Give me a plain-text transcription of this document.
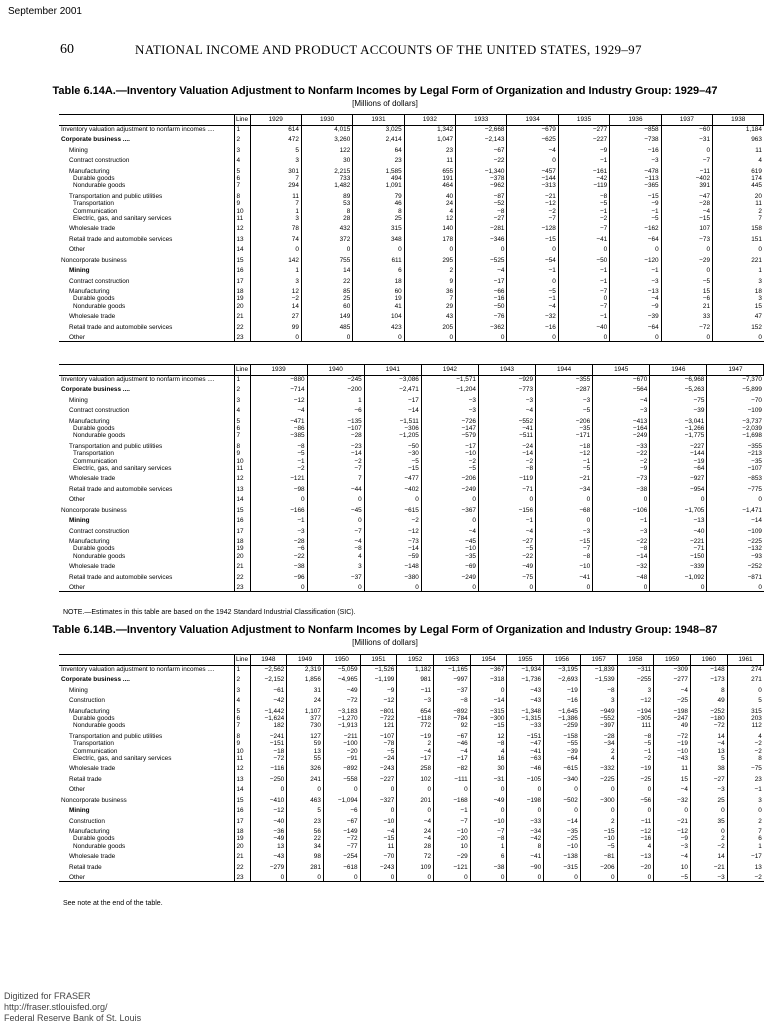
September 2001
60	NATIONAL INCOME AND PRODUCT ACCOUNTS OF THE UNITED STATES, 1929–97
Table 6.14A.—Inventory Valuation Adjustment to Nonfarm Incomes by Legal Form of Organization and Industry Group: 1929–47
[Millions of dollars]
	Line	1929	1930	1931	1932	1933	1934	1935	1936	1937	1938
Inventory valuation adjustment to nonfarm incomes ....	1	614	4,015	3,025	1,342	−2,668	−679	−277	−858	−60	1,184
Corporate business ....	2	472	3,260	2,414	1,047	−2,143	−625	−227	−738	−31	963
Mining	3	5	122	64	23	−67	−4	−9	−16	0	11
Contract construction	4	3	30	23	11	−22	0	−1	−3	−7	4
Manufacturing	5	301	2,215	1,585	655	−1,340	−457	−161	−478	−11	619
Durable goods	6	7	733	494	191	−378	−144	−42	−113	−402	174
Nondurable goods	7	294	1,482	1,091	464	−962	−313	−119	−365	391	445
Transportation and public utilities	8	11	89	79	40	−87	−21	−8	−15	−47	20
Transportation	9	7	53	46	24	−52	−12	−5	−9	−28	11
Communication	10	1	8	8	4	−8	−2	−1	−1	−4	2
Electric, gas, and sanitary services	11	3	28	25	12	−27	−7	−2	−5	−15	7
Wholesale trade	12	78	432	315	140	−281	−128	−7	−162	107	158
Retail trade and automobile services	13	74	372	348	178	−346	−15	−41	−64	−73	151
Other	14	0	0	0	0	0	0	0	0	0	0
Noncorporate business	15	142	755	611	295	−525	−54	−50	−120	−29	221
Mining	16	1	14	6	2	−4	−1	−1	−1	0	1
Contract construction	17	3	22	18	9	−17	0	−1	−3	−5	3
Manufacturing	18	12	85	60	36	−66	−5	−7	−13	15	18
Durable goods	19	−2	25	19	7	−16	−1	0	−4	−6	3
Nondurable goods	20	14	60	41	29	−50	−4	−7	−9	21	15
Wholesale trade	21	27	149	104	43	−76	−32	−1	−39	33	47
Retail trade and automobile services	22	99	485	423	205	−362	−16	−40	−64	−72	152
Other	23	0	0	0	0	0	0	0	0	0	0
	Line	1939	1940	1941	1942	1943	1944	1945	1946	1947
Inventory valuation adjustment to nonfarm incomes ....	1	−880	−245	−3,086	−1,571	−929	−355	−670	−6,968	−7,370
Corporate business ....	2	−714	−200	−2,471	−1,204	−773	−287	−564	−5,263	−5,899
Mining	3	−12	1	−17	−3	−3	−3	−4	−75	−70
Contract construction	4	−4	−6	−14	−3	−4	−5	−3	−39	−109
Manufacturing	5	−471	−135	−1,511	−726	−552	−206	−413	−3,041	−3,737
Durable goods	6	−86	−107	−306	−147	−41	−35	−164	−1,266	−2,039
Nondurable goods	7	−385	−28	−1,205	−579	−511	−171	−249	−1,775	−1,698
Transportation and public utilities	8	−8	−23	−50	−17	−24	−18	−33	−227	−355
Transportation	9	−5	−14	−30	−10	−14	−12	−22	−144	−213
Communication	10	−1	−2	−5	−2	−2	−1	−2	−19	−35
Electric, gas, and sanitary services	11	−2	−7	−15	−5	−8	−5	−9	−64	−107
Wholesale trade	12	−121	7	−477	−206	−119	−21	−73	−927	−853
Retail trade and automobile services	13	−98	−44	−402	−249	−71	−34	−38	−954	−775
Other	14	0	0	0	0	0	0	0	0	0
Noncorporate business	15	−166	−45	−615	−367	−156	−68	−106	−1,705	−1,471
Mining	16	−1	0	−2	0	−1	0	−1	−13	−14
Contract construction	17	−3	−7	−12	−4	−4	−3	−3	−40	−109
Manufacturing	18	−28	−4	−73	−45	−27	−15	−22	−221	−225
Durable goods	19	−6	−8	−14	−10	−5	−7	−8	−71	−132
Nondurable goods	20	−22	4	−59	−35	−22	−8	−14	−150	−93
Wholesale trade	21	−38	3	−148	−69	−49	−10	−32	−339	−252
Retail trade and automobile services	22	−96	−37	−380	−249	−75	−41	−48	−1,092	−871
Other	23	0	0	0	0	0	0	0	0	0
NOTE.—Estimates in this table are based on the 1942 Standard Industrial Classification (SIC).
Table 6.14B.—Inventory Valuation Adjustment to Nonfarm Incomes by Legal Form of Organization and Industry Group: 1948–87
[Millions of dollars]
	Line	1948	1949	1950	1951	1952	1953	1954	1955	1956	1957	1958	1959	1960	1961
Inventory valuation adjustment to nonfarm incomes ....	1	−2,562	2,319	−5,059	−1,526	1,182	−1,165	−367	−1,934	−3,195	−1,839	−311	−309	−148	274
Corporate business ....	2	−2,152	1,856	−4,965	−1,199	981	−997	−318	−1,736	−2,693	−1,539	−255	−277	−173	271
Mining	3	−61	31	−49	−9	−11	−37	0	−43	−19	−8	3	−4	8	0
Construction	4	−42	24	−72	−12	−3	−8	−14	−43	−16	3	−12	−25	49	5
Manufacturing	5	−1,442	1,107	−3,183	−801	654	−892	−315	−1,348	−1,645	−949	−194	−198	−252	315
Durable goods	6	−1,624	377	−1,270	−722	−118	−784	−300	−1,315	−1,386	−552	−305	−247	−180	203
Nondurable goods	7	182	730	−1,913	121	772	92	−15	−33	−259	−397	111	49	−72	112
Transportation and public utilities	8	−241	127	−211	−107	−19	−67	12	−151	−158	−28	−8	−72	14	4
Transportation	9	−151	59	−100	−78	2	−46	−8	−47	−55	−34	−5	−19	−4	−2
Communication	10	−18	13	−20	−5	−4	−4	4	−41	−39	2	−1	−10	13	−2
Electric, gas, and sanitary services	11	−72	55	−91	−24	−17	−17	16	−63	−64	4	−2	−43	5	8
Wholesale trade	12	−116	326	−892	−243	258	−82	30	−46	−615	−332	−19	11	38	−75
Retail trade	13	−250	241	−558	−227	102	−111	−31	−105	−340	−225	−25	15	−27	23
Other	14	0	0	0	0	0	0	0	0	0	0	0	−4	−3	−1
Noncorporate business	15	−410	463	−1,094	−327	201	−168	−49	−198	−502	−300	−56	−32	25	3
Mining	16	−12	5	−6	0	0	−1	0	0	0	0	0	0	0	0
Construction	17	−40	23	−67	−10	−4	−7	−10	−33	−14	2	−11	−21	35	2
Manufacturing	18	−36	56	−149	−4	24	−10	−7	−34	−35	−15	−12	−12	0	7
Durable goods	19	−49	22	−72	−15	−4	−20	−8	−42	−25	−10	−16	−9	2	6
Nondurable goods	20	13	34	−77	11	28	10	1	8	−10	−5	4	−3	−2	1
Wholesale trade	21	−43	98	−254	−70	72	−29	6	−41	−138	−81	−13	−4	14	−17
Retail trade	22	−279	281	−618	−243	109	−121	−38	−90	−315	−206	−20	10	−21	13
Other	23	0	0	0	0	0	0	0	0	0	0	0	−5	−3	−2
See note at the end of the table.
Digitized for FRASER
http://fraser.stlouisfed.org/
Federal Reserve Bank of St. Louis
